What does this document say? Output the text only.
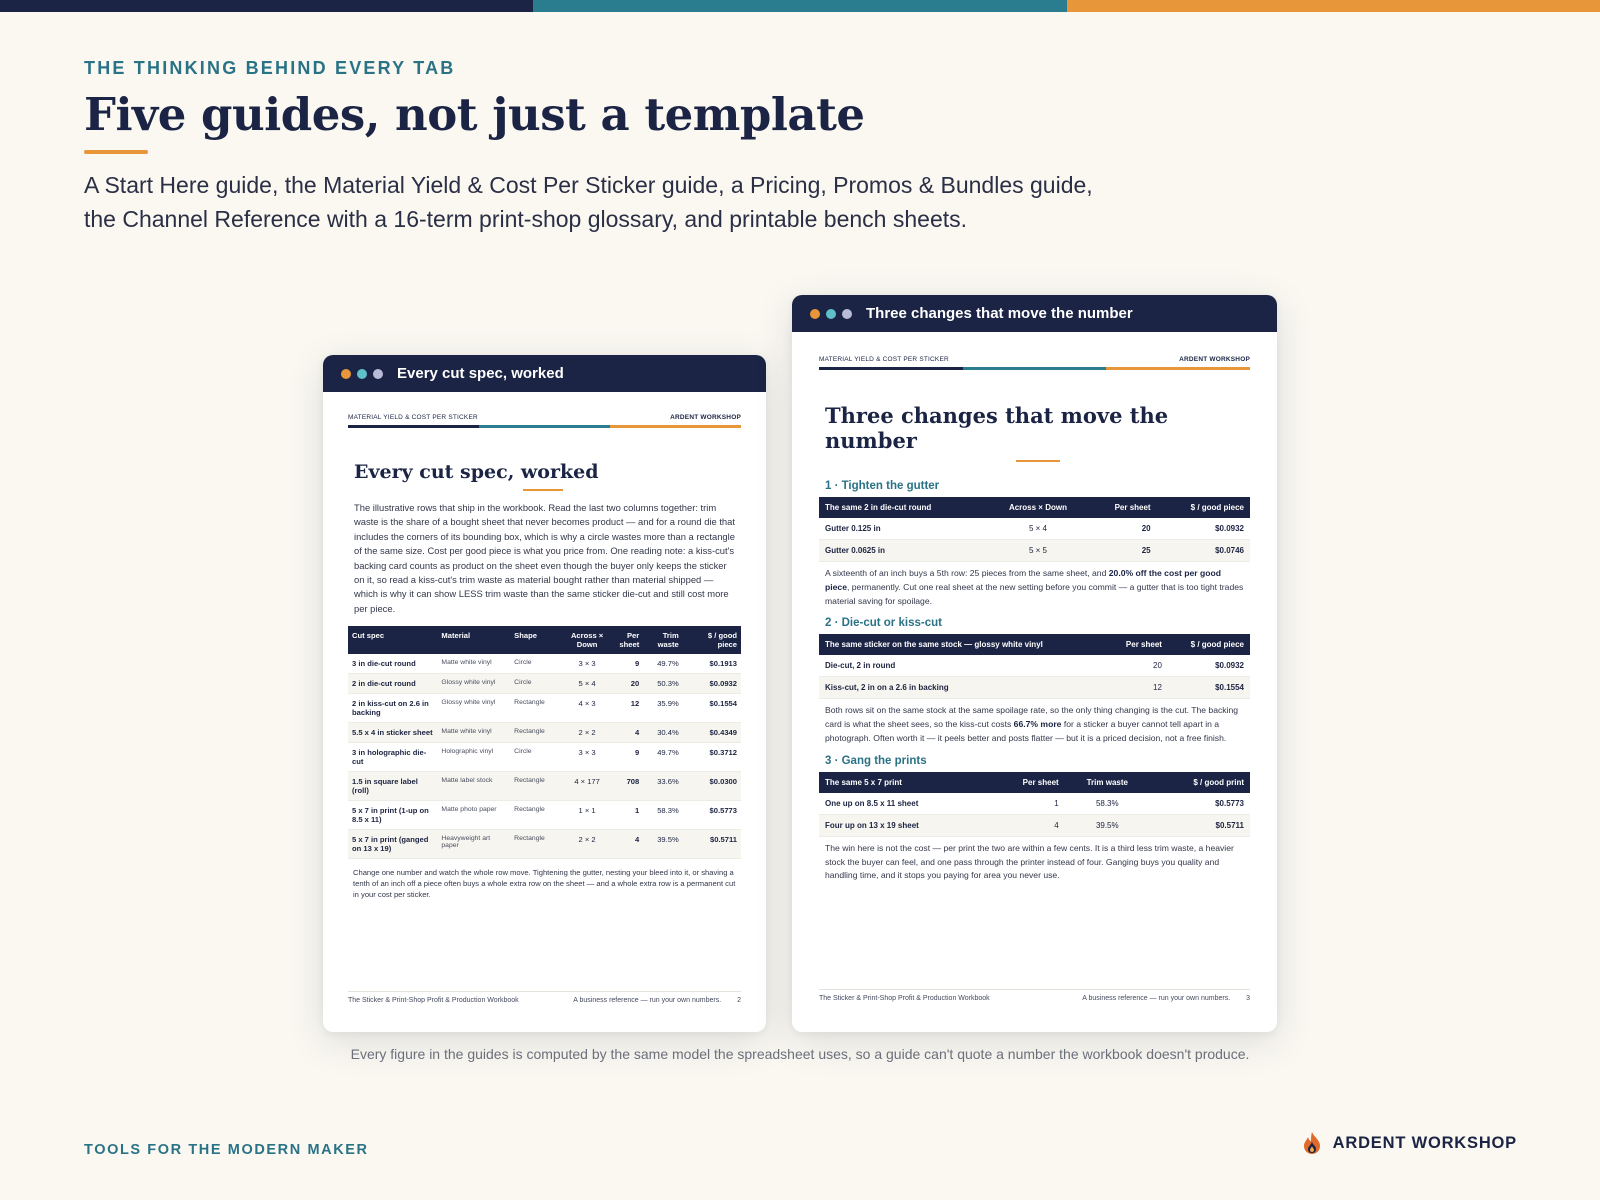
THE THINKING BEHIND EVERY TAB
Five guides, not just a template

A Start Here guide, the Material Yield & Cost Per Sticker guide, a Pricing, Promos & Bundles guide, the Channel Reference with a 16-term print-shop glossary, and printable bench sheets.

Every cut spec, worked
MATERIAL YIELD & COST PER STICKER	ARDENT WORKSHOP
Every cut spec, worked

The illustrative rows that ship in the workbook. Read the last two columns together: trim waste is the share of a bought sheet that never becomes product — and for a round die that includes the corners of its bounding box, which is why a circle wastes more than a rectangle of the same size. Cost per good piece is what you price from. One reading note: a kiss-cut's backing card counts as product on the sheet even though the buyer only keeps the sticker on it, so read a kiss-cut's trim waste as material bought rather than material shipped — which is why it can show LESS trim waste than the same sticker die-cut and still cost more per piece.

Cut spec	Material	Shape	Across × Down	Per sheet	Trim waste	$ / good piece
3 in die-cut round	Matte white vinyl	Circle	3 × 3	9	49.7%	$0.1913
2 in die-cut round	Glossy white vinyl	Circle	5 × 4	20	50.3%	$0.0932
2 in kiss-cut on 2.6 in backing	Glossy white vinyl	Rectangle	4 × 3	12	35.9%	$0.1554
5.5 x 4 in sticker sheet	Matte white vinyl	Rectangle	2 × 2	4	30.4%	$0.4349
3 in holographic die-cut	Holographic vinyl	Circle	3 × 3	9	49.7%	$0.3712
1.5 in square label (roll)	Matte label stock	Rectangle	4 × 177	708	33.6%	$0.0300
5 x 7 in print (1-up on 8.5 x 11)	Matte photo paper	Rectangle	1 × 1	1	58.3%	$0.5773
5 x 7 in print (ganged on 13 x 19)	Heavyweight art paper	Rectangle	2 × 2	4	39.5%	$0.5711

Change one number and watch the whole row move. Tightening the gutter, nesting your bleed into it, or shaving a tenth of an inch off a piece often buys a whole extra row on the sheet — and a whole extra row is a permanent cut in your cost per sticker.

The Sticker & Print-Shop Profit & Production Workbook	A business reference — run your own numbers. 2
Three changes that move the number
MATERIAL YIELD & COST PER STICKER	ARDENT WORKSHOP
Three changes that move the number
1 · Tighten the gutter
The same 2 in die-cut round	Across × Down	Per sheet	$ / good piece
Gutter 0.125 in	5 × 4	20	$0.0932
Gutter 0.0625 in	5 × 5	25	$0.0746

A sixteenth of an inch buys a 5th row: 25 pieces from the same sheet, and 20.0% off the cost per good piece, permanently. Cut one real sheet at the new setting before you commit — a gutter that is too tight trades material saving for spoilage.

2 · Die-cut or kiss-cut
The same sticker on the same stock — glossy white vinyl	Per sheet	$ / good piece
Die-cut, 2 in round	20	$0.0932
Kiss-cut, 2 in on a 2.6 in backing	12	$0.1554

Both rows sit on the same stock at the same spoilage rate, so the only thing changing is the cut. The backing card is what the sheet sees, so the kiss-cut costs 66.7% more for a sticker a buyer cannot tell apart in a photograph. Often worth it — it peels better and posts flatter — but it is a priced decision, not a free finish.

3 · Gang the prints
The same 5 x 7 print	Per sheet	Trim waste	$ / good print
One up on 8.5 x 11 sheet	1	58.3%	$0.5773
Four up on 13 x 19 sheet	4	39.5%	$0.5711

The win here is not the cost — per print the two are within a few cents. It is a third less trim waste, a heavier stock the buyer can feel, and one pass through the printer instead of four. Ganging buys you quality and handling time, and it stops you paying for area you never use.

The Sticker & Print-Shop Profit & Production Workbook	A business reference — run your own numbers. 3
Every figure in the guides is computed by the same model the spreadsheet uses, so a guide can't quote a number the workbook doesn't produce.
TOOLS FOR THE MODERN MAKER	ARDENT WORKSHOP
